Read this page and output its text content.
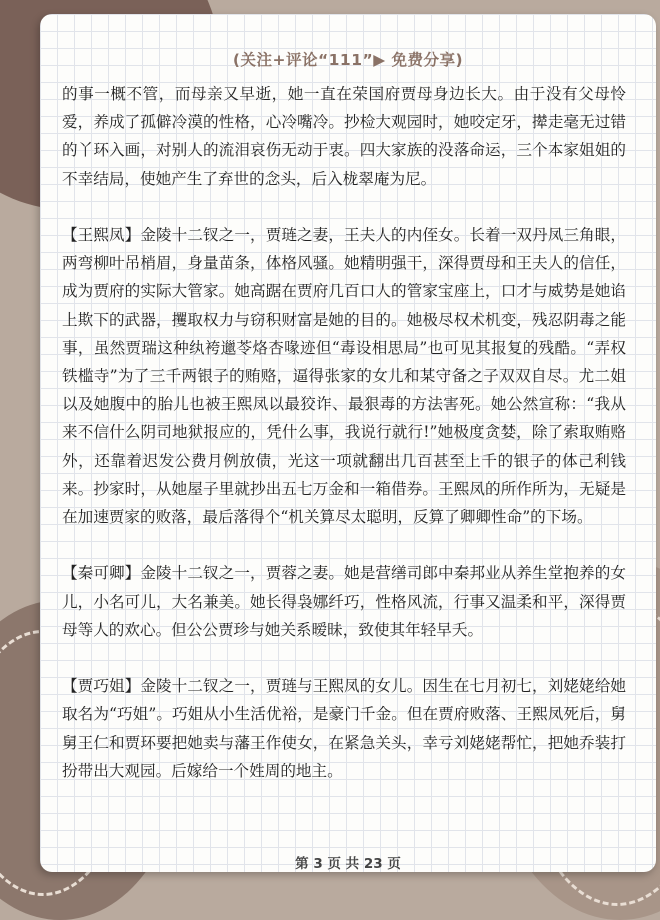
(关注+评论“111”▶ 免费分享)

的事一概不管，而母亲又早逝，她一直在荣国府贾母身边长大。由于没有父母怜爱，养成了孤僻冷漠的性格，心冷嘴冷。抄检大观园时，她咬定牙，撵走毫无过错的丫环入画，对别人的流泪哀伤无动于衷。四大家族的没落命运，三个本家姐姐的不幸结局，使她产生了弃世的念头，后入栊翠庵为尼。

【王熙凤】金陵十二钗之一，贾琏之妻，王夫人的内侄女。长着一双丹凤三角眼，两弯柳叶吊梢眉，身量苗条，体格风骚。她精明强干，深得贾母和王夫人的信任，成为贾府的实际大管家。她高踞在贾府几百口人的管家宝座上，口才与威势是她谄上欺下的武器，攫取权力与窃积财富是她的目的。她极尽权术机变，残忍阴毒之能事，虽然贾瑞这种纨袴邋苓烙杏喙迹但“毒设相思局”也可见其报复的残酷。“弄权铁槛寺”为了三千两银子的贿赂，逼得张家的女儿和某守备之子双双自尽。尤二姐以及她腹中的胎儿也被王熙凤以最狡诈、最狠毒的方法害死。她公然宣称：“我从来不信什么阴司地狱报应的，凭什么事，我说行就行!”她极度贪婪，除了索取贿赂外，还靠着迟发公费月例放债，光这一项就翻出几百甚至上千的银子的体己利钱来。抄家时，从她屋子里就抄出五七万金和一箱借券。王熙凤的所作所为，无疑是在加速贾家的败落，最后落得个“机关算尽太聪明，反算了卿卿性命”的下场。

【秦可卿】金陵十二钗之一，贾蓉之妻。她是营缮司郎中秦邦业从养生堂抱养的女儿，小名可儿，大名兼美。她长得袅娜纤巧，性格风流，行事又温柔和平，深得贾母等人的欢心。但公公贾珍与她关系暧昧，致使其年轻早夭。

【贾巧姐】金陵十二钗之一，贾琏与王熙凤的女儿。因生在七月初七，刘姥姥给她取名为“巧姐”。巧姐从小生活优裕，是豪门千金。但在贾府败落、王熙凤死后，舅舅王仁和贾环要把她卖与藩王作使女，在紧急关头，幸亏刘姥姥帮忙，把她乔装打扮带出大观园。后嫁给一个姓周的地主。

第 3 页 共 23 页
